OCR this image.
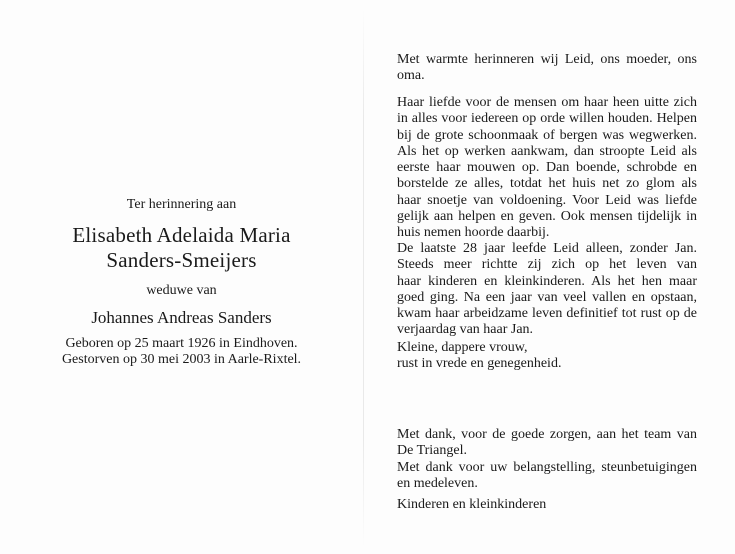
Ter herinnering aan
Elisabeth Adelaida Maria
Sanders-Smeijers
weduwe van
Johannes Andreas Sanders
Geboren op 25 maart 1926 in Eindhoven.
Gestorven op 30 mei 2003 in Aarle-Rixtel.
Met warmte herinneren wij Leid, ons moeder, ons
oma.
Haar liefde voor de mensen om haar heen uitte zich
in alles voor iedereen op orde willen houden. Helpen
bij de grote schoonmaak of bergen was wegwerken.
Als het op werken aankwam, dan stroopte Leid als
eerste haar mouwen op. Dan boende, schrobde en
borstelde ze alles, totdat het huis net zo glom als
haar snoetje van voldoening. Voor Leid was liefde
gelijk aan helpen en geven. Ook mensen tijdelijk in
huis nemen hoorde daarbij.
De laatste 28 jaar leefde Leid alleen, zonder Jan.
Steeds meer richtte zij zich op het leven van
haar kinderen en kleinkinderen. Als het hen maar
goed ging. Na een jaar van veel vallen en opstaan,
kwam haar arbeidzame leven definitief tot rust op de
verjaardag van haar Jan.
Kleine, dappere vrouw,
rust in vrede en genegenheid.
Met dank, voor de goede zorgen, aan het team van
De Triangel.
Met dank voor uw belangstelling, steunbetuigingen
en medeleven.
Kinderen en kleinkinderen
